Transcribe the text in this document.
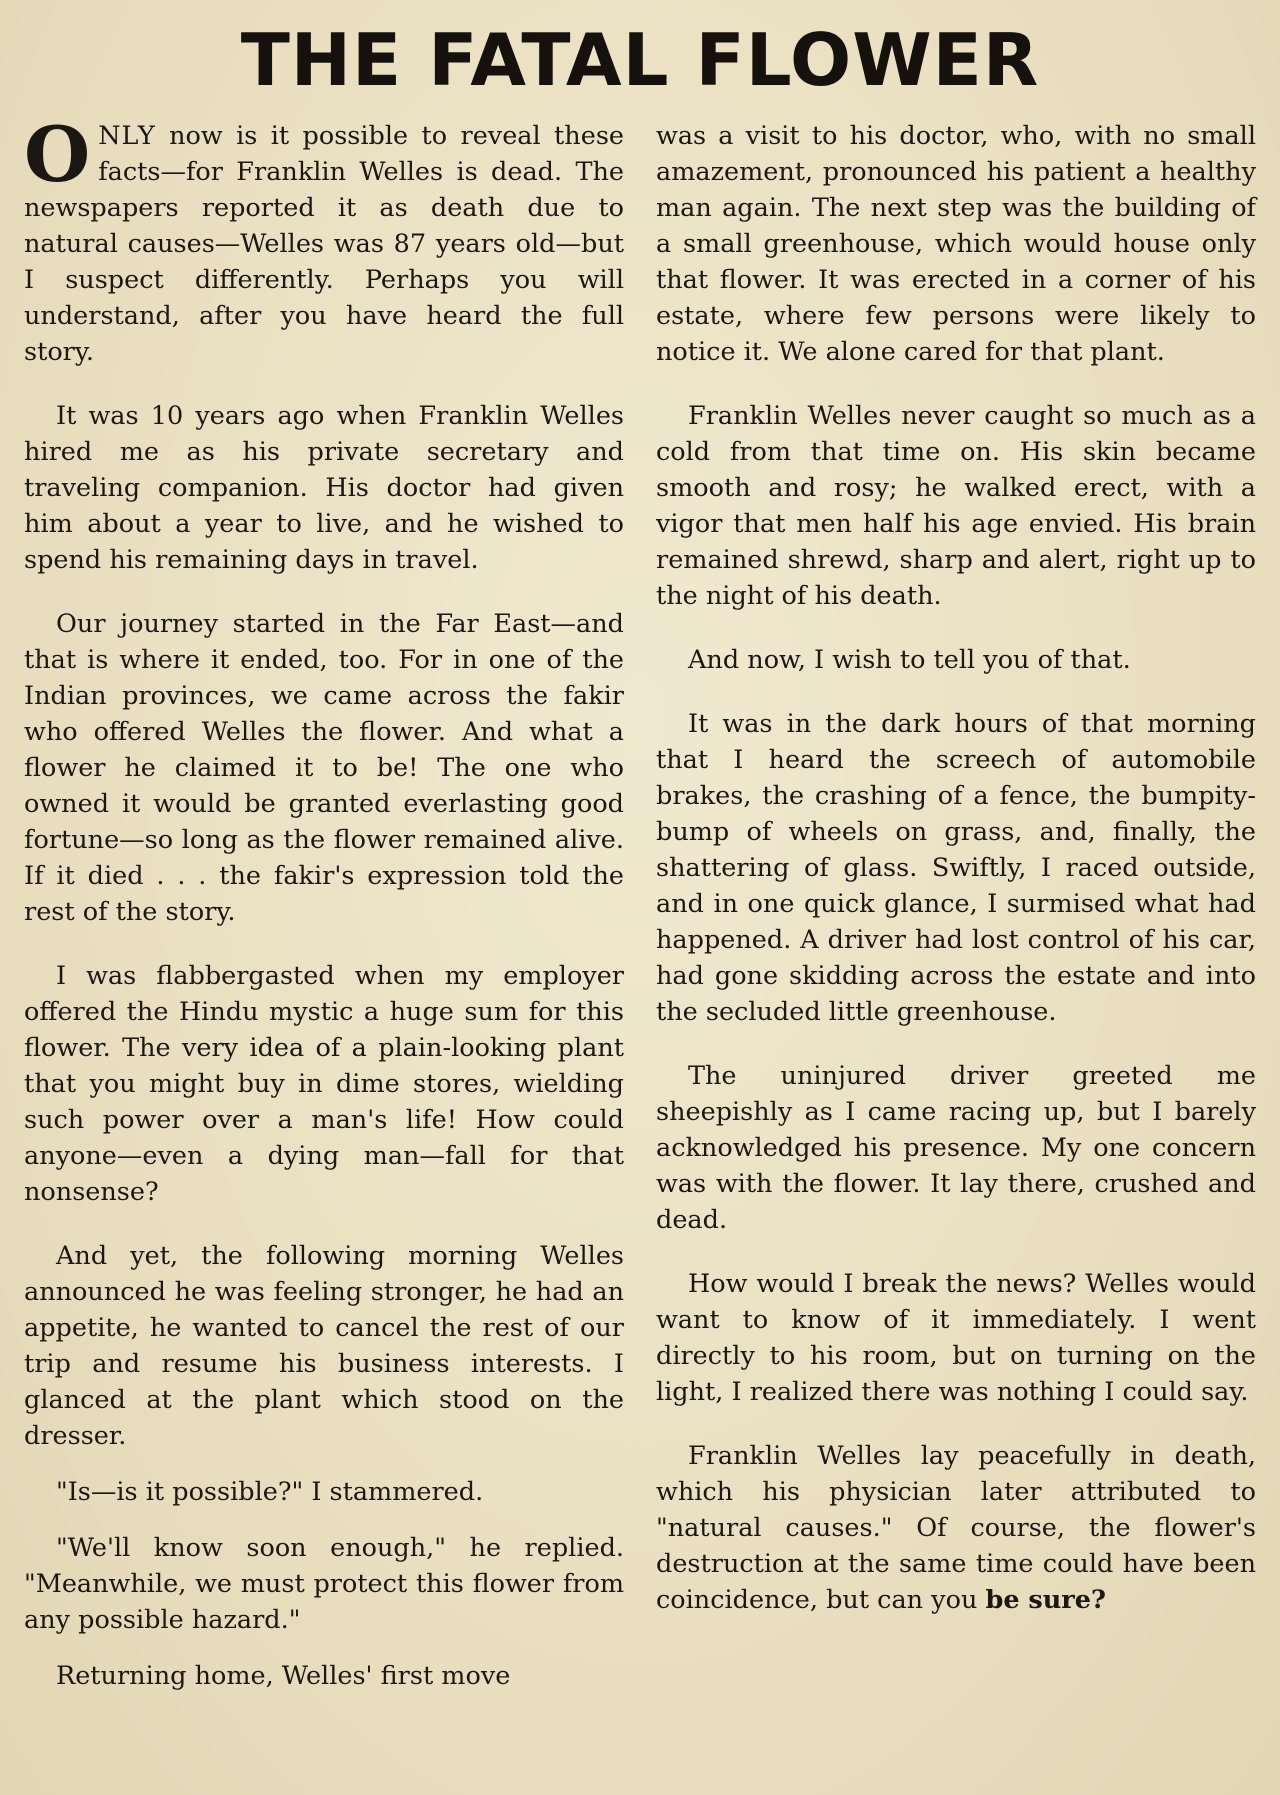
THE FATAL FLOWER

ONLY now is it possible to reveal these facts—for Franklin Welles is dead. The newspapers reported it as death due to natural causes—Welles was 87 years old—but I suspect differently. Perhaps you will understand, after you have heard the full story.

It was 10 years ago when Franklin Welles hired me as his private secretary and traveling companion. His doctor had given him about a year to live, and he wished to spend his remaining days in travel.

Our journey started in the Far East—and that is where it ended, too. For in one of the Indian provinces, we came across the fakir who offered Welles the flower. And what a flower he claimed it to be! The one who owned it would be granted everlasting good fortune—so long as the flower remained alive. If it died . . . the fakir's expression told the rest of the story.

I was flabbergasted when my employer offered the Hindu mystic a huge sum for this flower. The very idea of a plain-looking plant that you might buy in dime stores, wielding such power over a man's life! How could anyone—even a dying man—fall for that nonsense?

And yet, the following morning Welles announced he was feeling stronger, he had an appetite, he wanted to cancel the rest of our trip and resume his business interests. I glanced at the plant which stood on the dresser.

"Is—is it possible?" I stammered.

"We'll know soon enough," he replied. "Meanwhile, we must protect this flower from any possible hazard."

Returning home, Welles' first move

was a visit to his doctor, who, with no small amazement, pronounced his patient a healthy man again. The next step was the building of a small greenhouse, which would house only that flower. It was erected in a corner of his estate, where few persons were likely to notice it. We alone cared for that plant.

Franklin Welles never caught so much as a cold from that time on. His skin became smooth and rosy; he walked erect, with a vigor that men half his age envied. His brain remained shrewd, sharp and alert, right up to the night of his death.

And now, I wish to tell you of that.

It was in the dark hours of that morning that I heard the screech of automobile brakes, the crashing of a fence, the bumpity-bump of wheels on grass, and, finally, the shattering of glass. Swiftly, I raced outside, and in one quick glance, I surmised what had happened. A driver had lost control of his car, had gone skidding across the estate and into the secluded little greenhouse.

The uninjured driver greeted me sheepishly as I came racing up, but I barely acknowledged his presence. My one concern was with the flower. It lay there, crushed and dead.

How would I break the news? Welles would want to know of it immediately. I went directly to his room, but on turning on the light, I realized there was nothing I could say.

Franklin Welles lay peacefully in death, which his physician later attributed to "natural causes." Of course, the flower's destruction at the same time could have been coincidence, but can you be sure?
